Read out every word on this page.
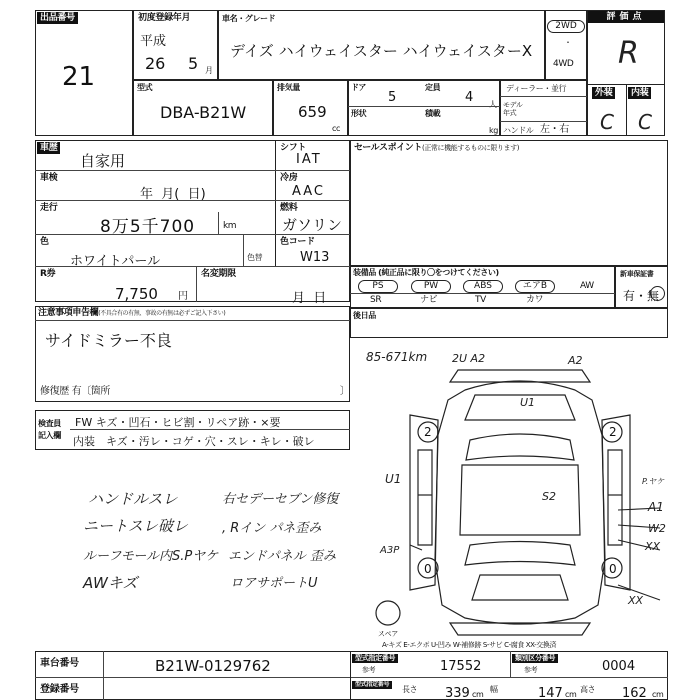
出品番号
21
初度登録年月
平成
26 5 月
車名・グレード
デイズ ハイウェイスター ハイウェイスターX
2WD
・
4WD
評価点
R
外装	内装
C C
型式
DBA-B21W
排気量
659
cc
ドア
5
定員
4 人
形状	積載
kg
ディーラー・並行
モデル年式
ハンドル 左・右
車歴
自家用
シフト
IAT
車検
年  月(  日)
冷房
AAC
走行
8万5千700	km
燃料
ガソリン
色
ホワイトパール	色替
色コード
W13
R券
7,750 円
名変期限
月  日
セールスポイント(正常に機能するものに限ります)
装備品 (純正品に限り〇をつけてください)
PS	PW	ABS	エアB	AW
SR	ナビ	TV	カワ
新車保証書
有・無
後日品
注意事項申告欄(不具合有の有無、事故の有無は必ずご記入下さい)
サイドミラー不良
修復歴 有〔箇所	〕
検査員
記入欄
FW キズ・凹石・ヒビ割・リペア跡・×要
内装 キズ・汚レ・コゲ・穴・スレ・キレ・破レ
ハンドルスレ
ニートスレ破レ
ルーフモール内S.Pヤケ
AWキズ
右セデーセブン修復
, Rイン パネ歪み
エンドパネル 歪み
ロアサポートU
85-671km 2U A2	A2
U1
U1
2	2
S2
P.ヤケ
A1
W2
XX
A3P
0	0
XX
スペア
A-キズ E-エクボ U-凹み W-補修跡 S-サビ C-腐食 XX-交換済
車台番号	B21W-0129762
登録番号
型式指定番号
参考	17552
類別区分番号
参考	0004
型式指定番号
長さ 339 cm
幅	147 cm
高さ 162 cm
